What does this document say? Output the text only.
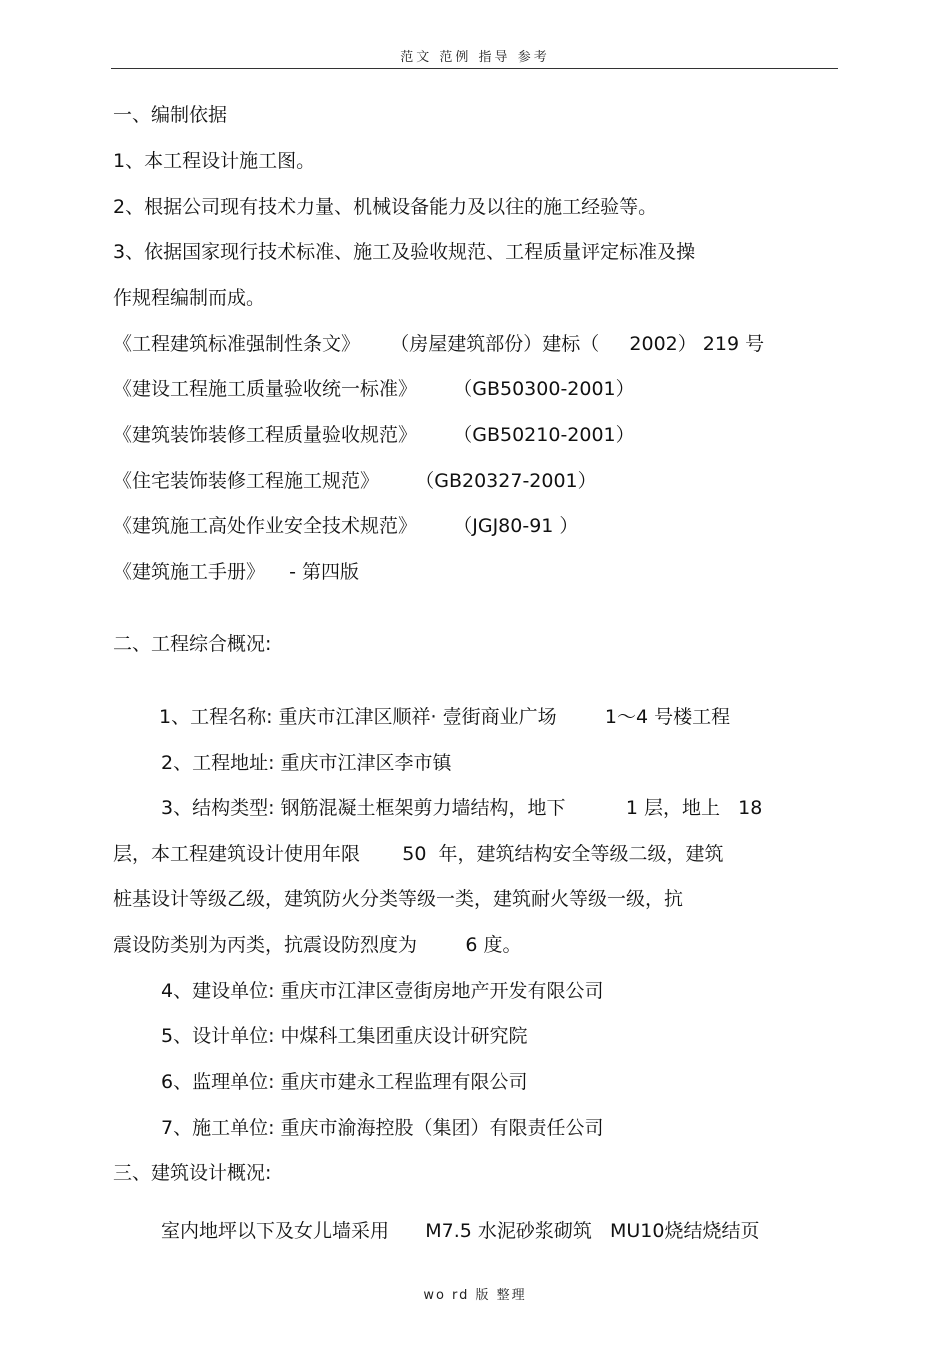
范文 范例 指导 参考
一、编制依据
1、本工程设计施工图。
2、根据公司现有技术力量、机械设备能力及以往的施工经验等。
3、依据国家现行技术标准、施工及验收规范、工程质量评定标准及操
作规程编制而成。
《工程建筑标准强制性条文》     （房屋建筑部份）建标（     2002） 219 号
《建设工程施工质量验收统一标准》      （GB50300-2001）
《建筑装饰装修工程质量验收规范》      （GB50210-2001）
《住宅装饰装修工程施工规范》      （GB20327-2001）
《建筑施工高处作业安全技术规范》      （JGJ80-91 ）
《建筑施工手册》    - 第四版
二、工程综合概况:
1、工程名称: 重庆市江津区顺祥· 壹街商业广场        1～4 号楼工程
2、工程地址: 重庆市江津区李市镇
3、结构类型: 钢筋混凝土框架剪力墙结构，地下          1 层，地上   18
层，本工程建筑设计使用年限       50  年，建筑结构安全等级二级，建筑
桩基设计等级乙级，建筑防火分类等级一类，建筑耐火等级一级，抗
震设防类别为丙类，抗震设防烈度为        6 度。
4、建设单位: 重庆市江津区壹街房地产开发有限公司
5、设计单位: 中煤科工集团重庆设计研究院
6、监理单位: 重庆市建永工程监理有限公司
7、施工单位: 重庆市渝海控股（集团）有限责任公司
三、建筑设计概况:
室内地坪以下及女儿墙采用      M7.5 水泥砂浆砌筑   MU10烧结烧结页
wo rd 版 整理
